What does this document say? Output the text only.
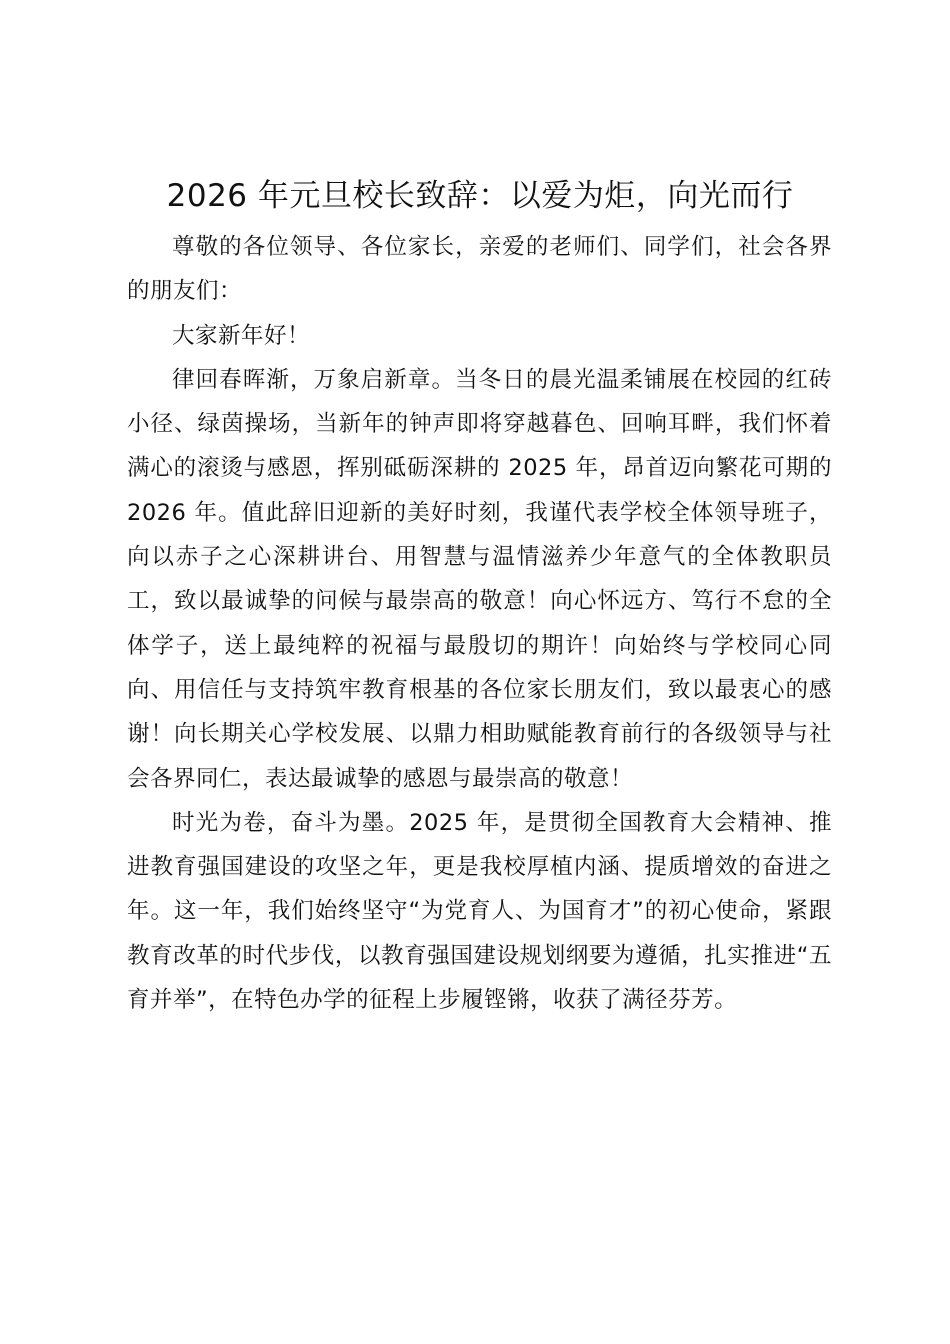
2026 年元旦校长致辞：以爱为炬，向光而行

尊敬的各位领导、各位家长，亲爱的老师们、同学们，社会各界的朋友们：

大家新年好！

律回春晖渐，万象启新章。当冬日的晨光温柔铺展在校园的红砖小径、绿茵操场，当新年的钟声即将穿越暮色、回响耳畔，我们怀着满心的滚烫与感恩，挥别砥砺深耕的 2025 年，昂首迈向繁花可期的 2026 年。值此辞旧迎新的美好时刻，我谨代表学校全体领导班子，向以赤子之心深耕讲台、用智慧与温情滋养少年意气的全体教职员工，致以最诚挚的问候与最崇高的敬意！向心怀远方、笃行不怠的全体学子，送上最纯粹的祝福与最殷切的期许！向始终与学校同心同向、用信任与支持筑牢教育根基的各位家长朋友们，致以最衷心的感谢！向长期关心学校发展、以鼎力相助赋能教育前行的各级领导与社会各界同仁，表达最诚挚的感恩与最崇高的敬意！

时光为卷，奋斗为墨。2025 年，是贯彻全国教育大会精神、推进教育强国建设的攻坚之年，更是我校厚植内涵、提质增效的奋进之年。这一年，我们始终坚守“为党育人、为国育才”的初心使命，紧跟教育改革的时代步伐，以教育强国建设规划纲要为遵循，扎实推进“五育并举”，在特色办学的征程上步履铿锵，收获了满径芬芳。
